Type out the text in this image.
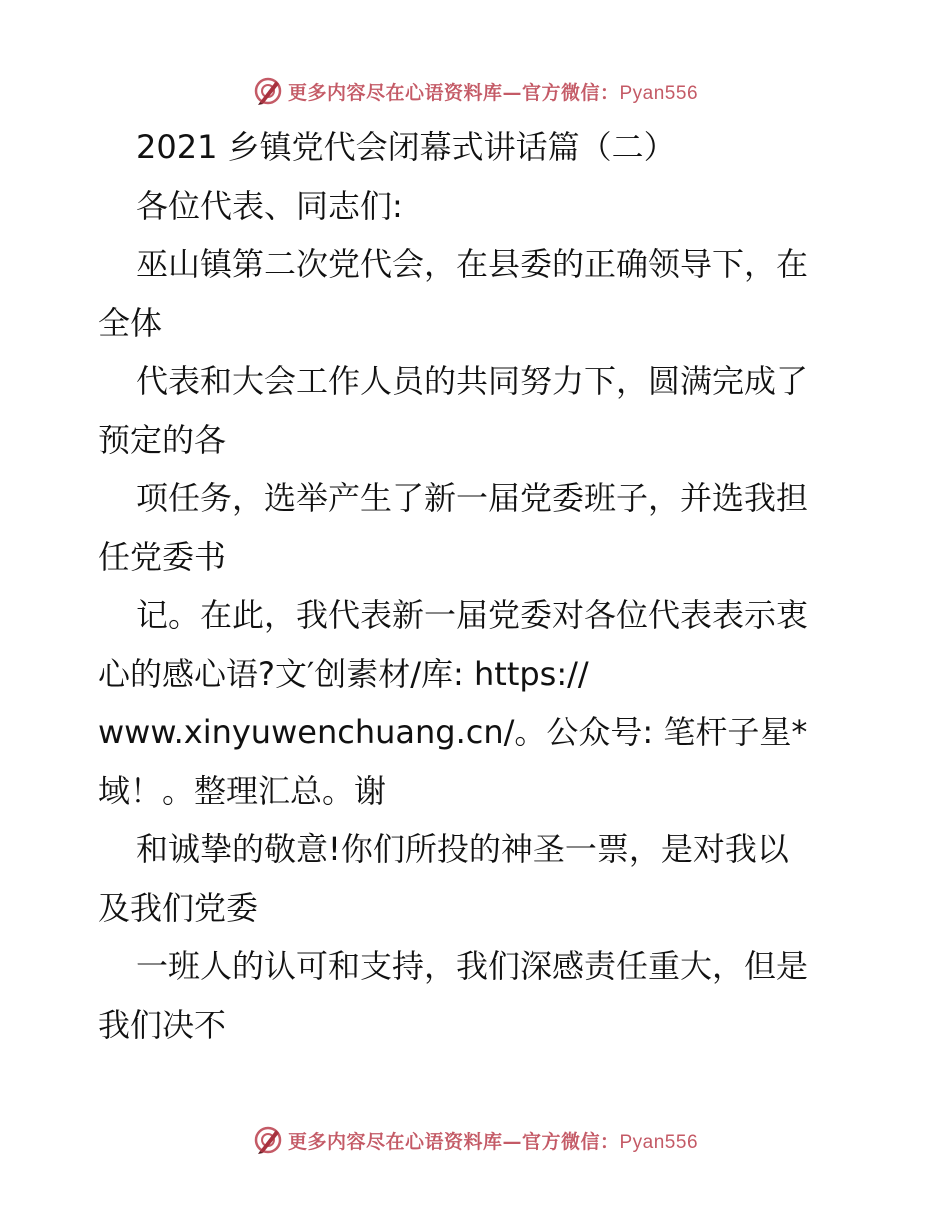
更多内容尽在心语资料库—官方微信：Pyan556
2021 乡镇党代会闭幕式讲话篇（二）
各位代表、同志们:
巫山镇第二次党代会，在县委的正确领导下，在
全体
代表和大会工作人员的共同努力下，圆满完成了
预定的各
项任务，选举产生了新一届党委班子，并选我担
任党委书
记。在此，我代表新一届党委对各位代表表示衷
心的感心语?文′创素材/库: https://
www.xinyuwenchuang.cn/。公众号: 笔杆子星*
域！。整理汇总。谢
和诚挚的敬意!你们所投的神圣一票，是对我以
及我们党委
一班人的认可和支持，我们深感责任重大，但是
我们决不
更多内容尽在心语资料库—官方微信：Pyan556
